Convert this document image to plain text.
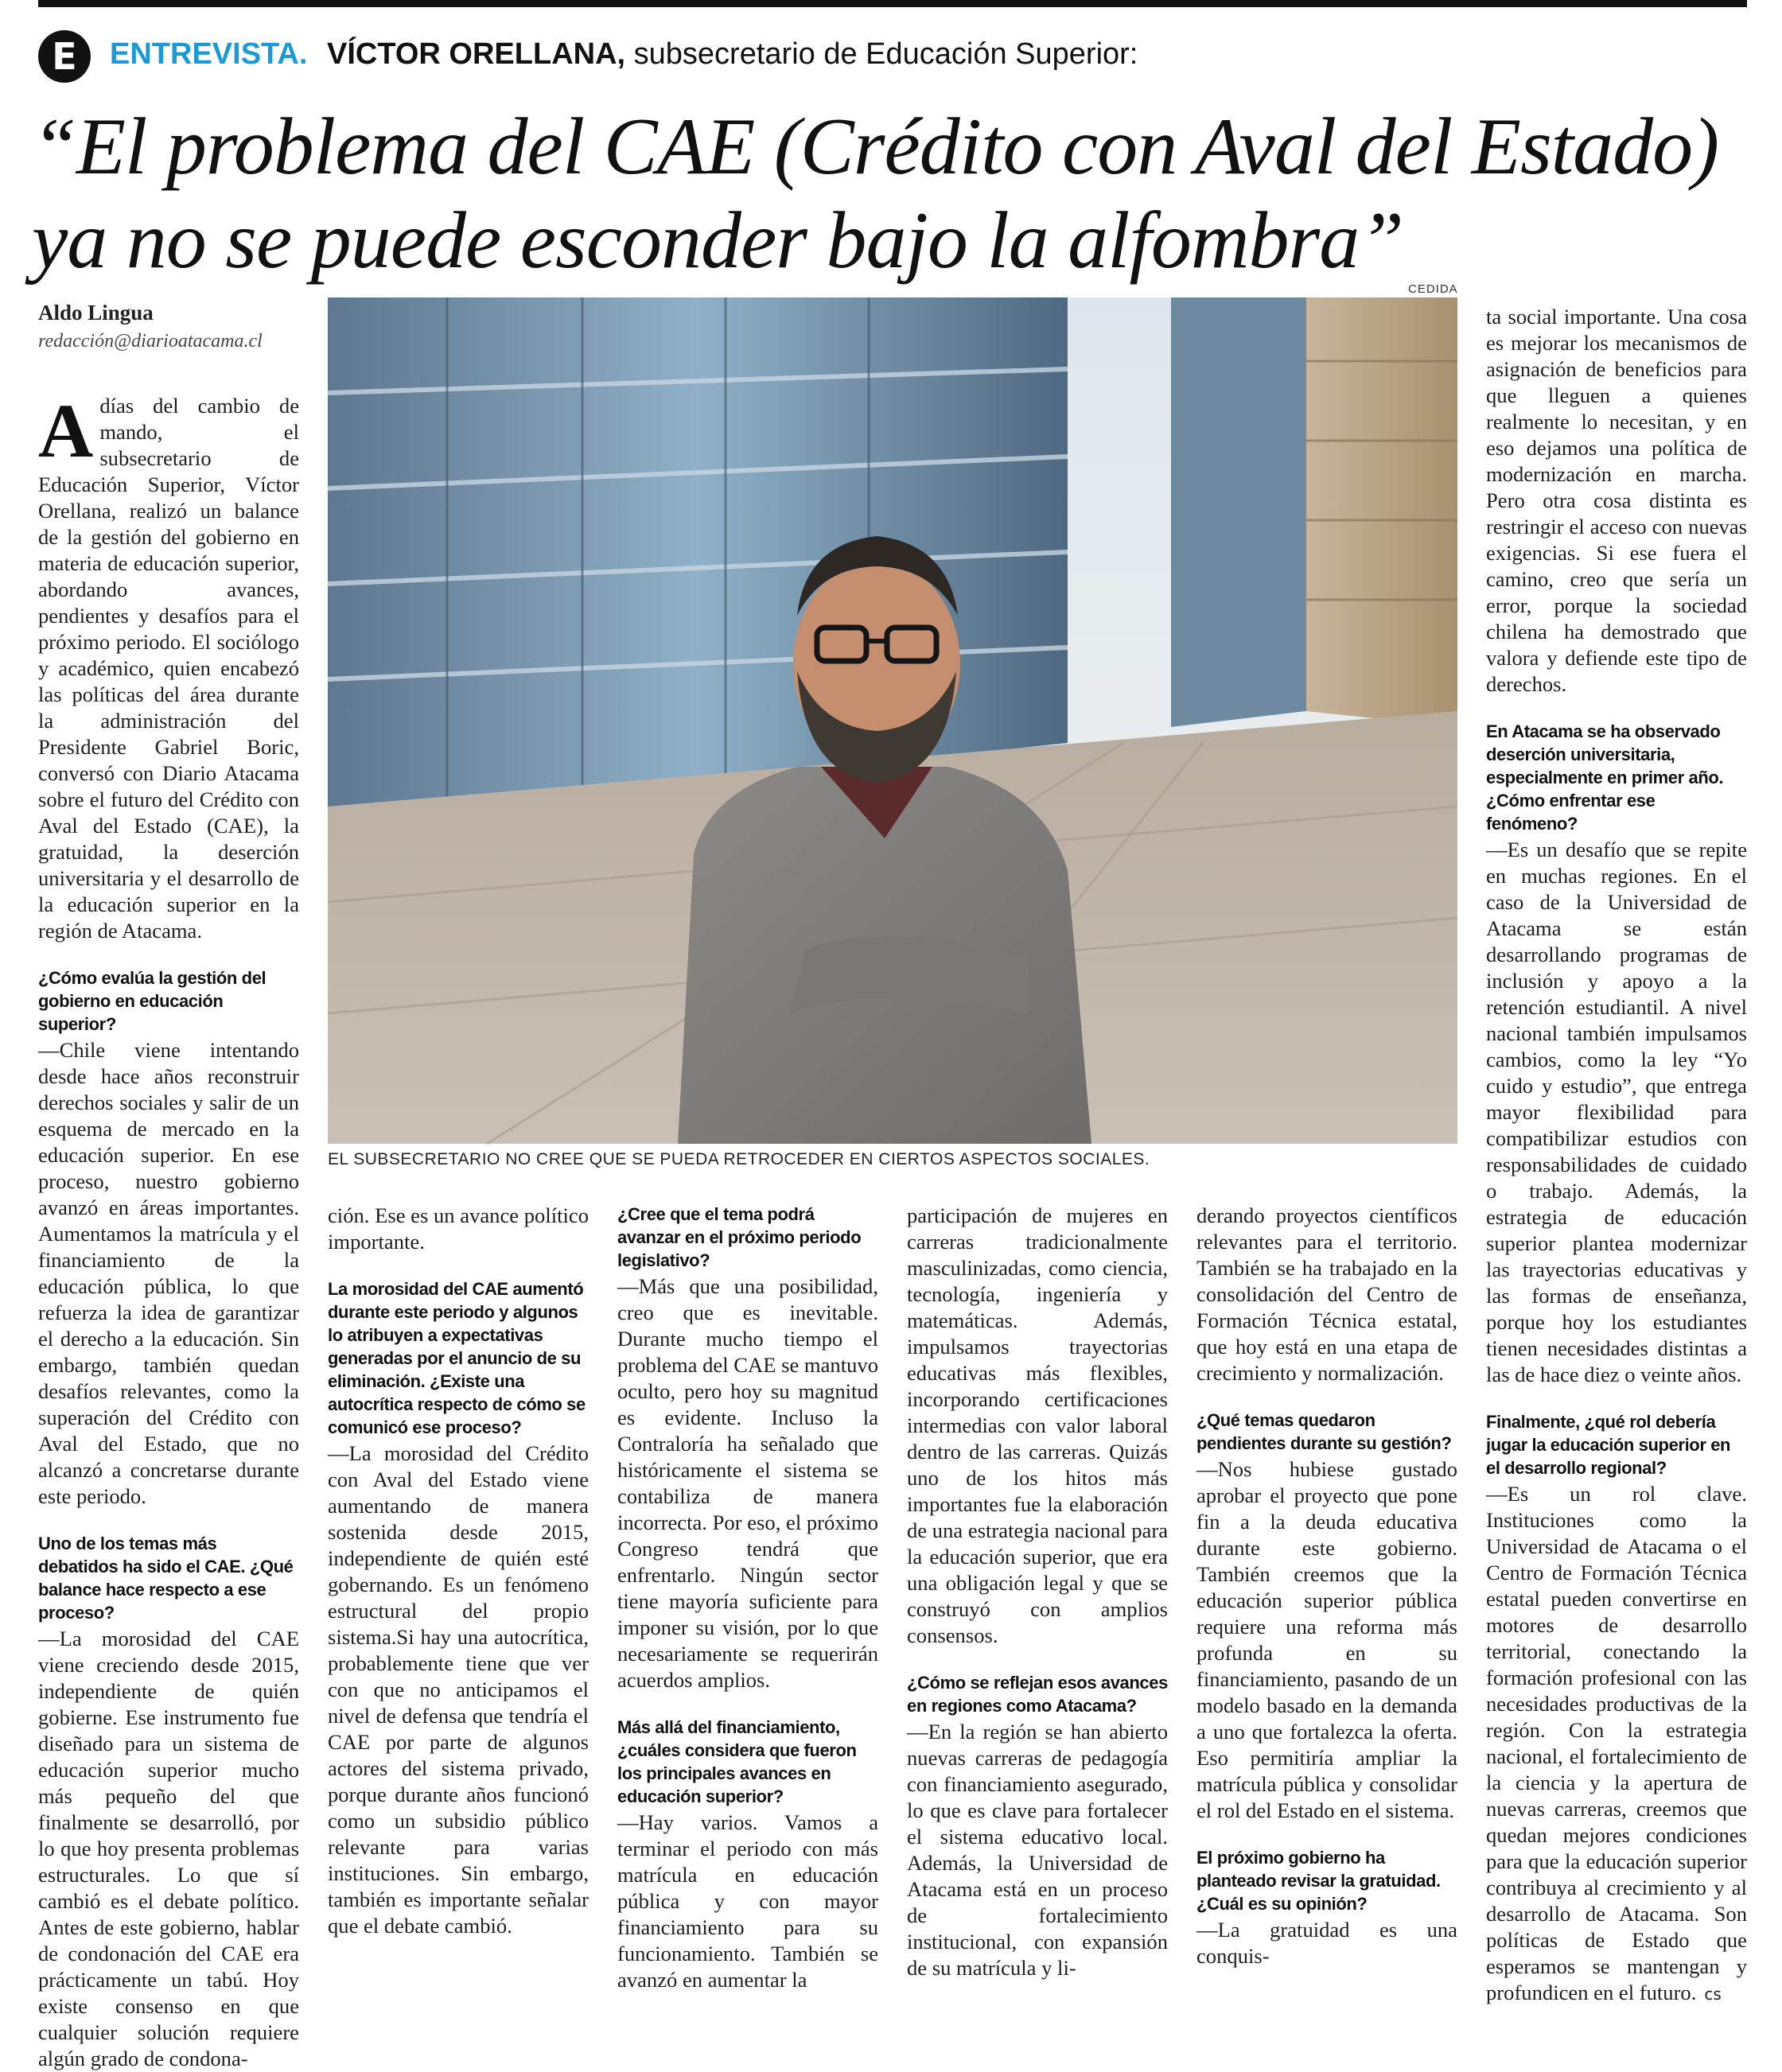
E	ENTREVISTA. VÍCTOR ORELLANA, subsecretario de Educación Superior:
“El problema del CAE (Crédito con Aval del Estado)
ya no se puede esconder bajo la alfombra”
CEDIDA
Aldo Lingua
redacción@diarioatacama.cl
EL SUBSECRETARIO NO CREE QUE SE PUEDA RETROCEDER EN CIERTOS ASPECTOS SOCIALES.

A días del cambio de mando, el subsecretario de Educación Superior, Víctor Orellana, realizó un balance de la gestión del gobierno en materia de educación superior, abordando avances, pendientes y desafíos para el próximo periodo. El sociólogo y académico, quien encabezó las políticas del área durante la administración del Presidente Gabriel Boric, conversó con Diario Atacama sobre el futuro del Crédito con Aval del Estado (CAE), la gratuidad, la deserción universitaria y el desarrollo de la educación superior en la región de Atacama.

¿Cómo evalúa la gestión del gobierno en educación superior?

—Chile viene intentando desde hace años reconstruir derechos sociales y salir de un esquema de mercado en la educación superior. En ese proceso, nuestro gobierno avanzó en áreas importantes. Aumentamos la matrícula y el financiamiento de la educación pública, lo que refuerza la idea de garantizar el derecho a la educación. Sin embargo, también quedan desafíos relevantes, como la superación del Crédito con Aval del Estado, que no alcanzó a concretarse durante este periodo.

Uno de los temas más debatidos ha sido el CAE. ¿Qué balance hace respecto a ese proceso?

—La morosidad del CAE viene creciendo desde 2015, independiente de quién gobierne. Ese instrumento fue diseñado para un sistema de educación superior mucho más pequeño del que finalmente se desarrolló, por lo que hoy presenta problemas estructurales. Lo que sí cambió es el debate político. Antes de este gobierno, hablar de condonación del CAE era prácticamente un tabú. Hoy existe consenso en que cualquier solución requiere algún grado de condona-

ción. Ese es un avance político importante.

La morosidad del CAE aumentó durante este periodo y algunos lo atribuyen a expectativas generadas por el anuncio de su eliminación. ¿Existe una autocrítica respecto de cómo se comunicó ese proceso?

—La morosidad del Crédito con Aval del Estado viene aumentando de manera sostenida desde 2015, independiente de quién esté gobernando. Es un fenómeno estructural del propio sistema.Si hay una autocrítica, probablemente tiene que ver con que no anticipamos el nivel de defensa que tendría el CAE por parte de algunos actores del sistema privado, porque durante años funcionó como un subsidio público relevante para varias instituciones. Sin embargo, también es importante señalar que el debate cambió.

¿Cree que el tema podrá avanzar en el próximo periodo legislativo?

—Más que una posibilidad, creo que es inevitable. Durante mucho tiempo el problema del CAE se mantuvo oculto, pero hoy su magnitud es evidente. Incluso la Contraloría ha señalado que históricamente el sistema se contabiliza de manera incorrecta. Por eso, el próximo Congreso tendrá que enfrentarlo. Ningún sector tiene mayoría suficiente para imponer su visión, por lo que necesariamente se requerirán acuerdos amplios.

Más allá del financiamiento, ¿cuáles considera que fueron los principales avances en educación superior?

—Hay varios. Vamos a terminar el periodo con más matrícula en educación pública y con mayor financiamiento para su funcionamiento. También se avanzó en aumentar la

participación de mujeres en carreras tradicionalmente masculinizadas, como ciencia, tecnología, ingeniería y matemáticas. Además, impulsamos trayectorias educativas más flexibles, incorporando certificaciones intermedias con valor laboral dentro de las carreras. Quizás uno de los hitos más importantes fue la elaboración de una estrategia nacional para la educación superior, que era una obligación legal y que se construyó con amplios consensos.

¿Cómo se reflejan esos avances en regiones como Atacama?

—En la región se han abierto nuevas carreras de pedagogía con financiamiento asegurado, lo que es clave para fortalecer el sistema educativo local. Además, la Universidad de Atacama está en un proceso de fortalecimiento institucional, con expansión de su matrícula y li-

derando proyectos científicos relevantes para el territorio. También se ha trabajado en la consolidación del Centro de Formación Técnica estatal, que hoy está en una etapa de crecimiento y normalización.

¿Qué temas quedaron pendientes durante su gestión?

—Nos hubiese gustado aprobar el proyecto que pone fin a la deuda educativa durante este gobierno. También creemos que la educación superior pública requiere una reforma más profunda en su financiamiento, pasando de un modelo basado en la demanda a uno que fortalezca la oferta. Eso permitiría ampliar la matrícula pública y consolidar el rol del Estado en el sistema.

El próximo gobierno ha planteado revisar la gratuidad. ¿Cuál es su opinión?

—La gratuidad es una conquis-

ta social importante. Una cosa es mejorar los mecanismos de asignación de beneficios para que lleguen a quienes realmente lo necesitan, y en eso dejamos una política de modernización en marcha. Pero otra cosa distinta es restringir el acceso con nuevas exigencias. Si ese fuera el camino, creo que sería un error, porque la sociedad chilena ha demostrado que valora y defiende este tipo de derechos.

En Atacama se ha observado deserción universitaria, especialmente en primer año. ¿Cómo enfrentar ese fenómeno?

—Es un desafío que se repite en muchas regiones. En el caso de la Universidad de Atacama se están desarrollando programas de inclusión y apoyo a la retención estudiantil. A nivel nacional también impulsamos cambios, como la ley “Yo cuido y estudio”, que entrega mayor flexibilidad para compatibilizar estudios con responsabilidades de cuidado o trabajo. Además, la estrategia de educación superior plantea modernizar las trayectorias educativas y las formas de enseñanza, porque hoy los estudiantes tienen necesidades distintas a las de hace diez o veinte años.

Finalmente, ¿qué rol debería jugar la educación superior en el desarrollo regional?

—Es un rol clave. Instituciones como la Universidad de Atacama o el Centro de Formación Técnica estatal pueden convertirse en motores de desarrollo territorial, conectando la formación profesional con las necesidades productivas de la región. Con la estrategia nacional, el fortalecimiento de la ciencia y la apertura de nuevas carreras, creemos que quedan mejores condiciones para que la educación superior contribuya al crecimiento y al desarrollo de Atacama. Son políticas de Estado que esperamos se mantengan y profundicen en el futuro. cs
